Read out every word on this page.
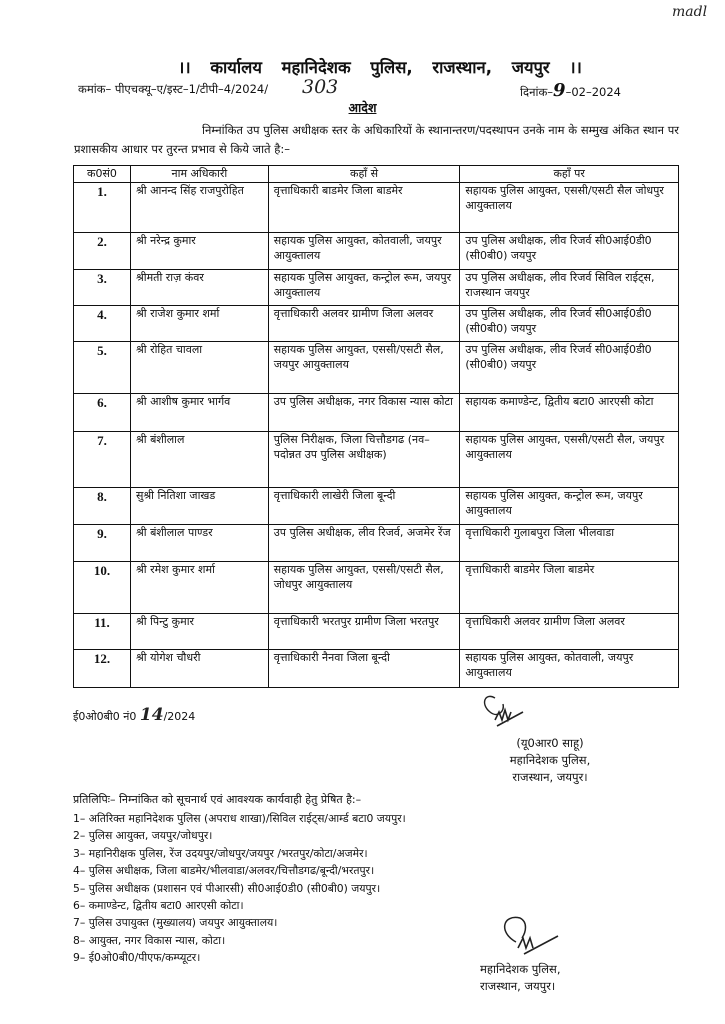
madl
।। कार्यालय महानिदेशक पुलिस, राजस्थान, जयपुर ।।
कमांक– पीएचक्यू–ए/इस्ट–1/टीपी–4/2024/ 303	दिनांक–9–02–2024
आदेश
निम्नांकित उप पुलिस अधीक्षक स्तर के अधिकारियों के स्थानान्तरण/पदस्थापन उनके नाम के सम्मुख अंकित स्थान पर प्रशासकीय आधार पर तुरन्त प्रभाव से किये जाते है:–
क0सं0	नाम अधिकारी	कहाँ से	कहाँ पर
1.	श्री आनन्द सिंह राजपुरोहित	वृत्ताधिकारी बाडमेर जिला बाडमेर	सहायक पुलिस आयुक्त, एससी/एसटी सैल जोधपुर आयुक्तालय
2.	श्री नरेन्द्र कुमार	सहायक पुलिस आयुक्त, कोतवाली, जयपुर आयुक्तालय	उप पुलिस अधीक्षक, लीव रिजर्व सी0आई0डी0 (सी0बी0) जयपुर
3.	श्रीमती राज़ कंवर	सहायक पुलिस आयुक्त, कन्ट्रोल रूम, जयपुर आयुक्तालय	उप पुलिस अधीक्षक, लीव रिजर्व सिविल राईट्स, राजस्थान जयपुर
4.	श्री राजेश कुमार शर्मा	वृत्ताधिकारी अलवर ग्रामीण जिला अलवर	उप पुलिस अधीक्षक, लीव रिजर्व सी0आई0डी0 (सी0बी0) जयपुर
5.	श्री रोहित चावला	सहायक पुलिस आयुक्त, एससी/एसटी सैल, जयपुर आयुक्तालय	उप पुलिस अधीक्षक, लीव रिजर्व सी0आई0डी0 (सी0बी0) जयपुर
6.	श्री आशीष कुमार भार्गव	उप पुलिस अधीक्षक, नगर विकास न्यास कोटा	सहायक कमाण्डेन्ट, द्वितीय बटा0 आरएसी कोटा
7.	श्री बंशीलाल	पुलिस निरीक्षक, जिला चित्तौडगढ (नव–पदोन्नत उप पुलिस अधीक्षक)	सहायक पुलिस आयुक्त, एससी/एसटी सैल, जयपुर आयुक्तालय
8.	सुश्री नितिशा जाखड	वृत्ताधिकारी लाखेरी जिला बून्दी	सहायक पुलिस आयुक्त, कन्ट्रोल रूम, जयपुर आयुक्तालय
9.	श्री बंशीलाल पाण्डर	उप पुलिस अधीक्षक, लीव रिजर्व, अजमेर रेंज	वृत्ताधिकारी गुलाबपुरा जिला भीलवाडा
10.	श्री रमेश कुमार शर्मा	सहायक पुलिस आयुक्त, एससी/एसटी सैल, जोधपुर आयुक्तालय	वृत्ताधिकारी बाडमेर जिला बाडमेर
11.	श्री पिन्टु कुमार	वृत्ताधिकारी भरतपुर ग्रामीण जिला भरतपुर	वृत्ताधिकारी अलवर ग्रामीण जिला अलवर
12.	श्री योगेश चौधरी	वृत्ताधिकारी नैनवा जिला बून्दी	सहायक पुलिस आयुक्त, कोतवाली, जयपुर आयुक्तालय
ई0ओ0बी0 नं0 14/2024
(यू0आर0 साहू)
महानिदेशक पुलिस,
राजस्थान, जयपुर।
प्रतिलिपिः– निम्नांकित को सूचनार्थ एवं आवश्यक कार्यवाही हेतु प्रेषित है:–
1– अतिरिक्त महानिदेशक पुलिस (अपराध शाखा)/सिविल राईट्स/आर्म्ड बटा0 जयपुर।
2– पुलिस आयुक्त, जयपुर/जोधपुर।
3– महानिरीक्षक पुलिस, रेंज उदयपुर/जोधपुर/जयपुर /भरतपुर/कोटा/अजमेर।
4– पुलिस अधीक्षक, जिला बाडमेर/भीलवाडा/अलवर/चित्तौडगढ/बून्दी/भरतपुर।
5– पुलिस अधीक्षक (प्रशासन एवं पीआरसी) सी0आई0डी0 (सी0बी0) जयपुर।
6– कमाण्डेन्ट, द्वितीय बटा0 आरएसी कोटा।
7– पुलिस उपायुक्त (मुख्यालय) जयपुर आयुक्तालय।
8– आयुक्त, नगर विकास न्यास, कोटा।
9– ई0ओ0बी0/पीएफ/कम्प्यूटर।
महानिदेशक पुलिस,
राजस्थान, जयपुर।
